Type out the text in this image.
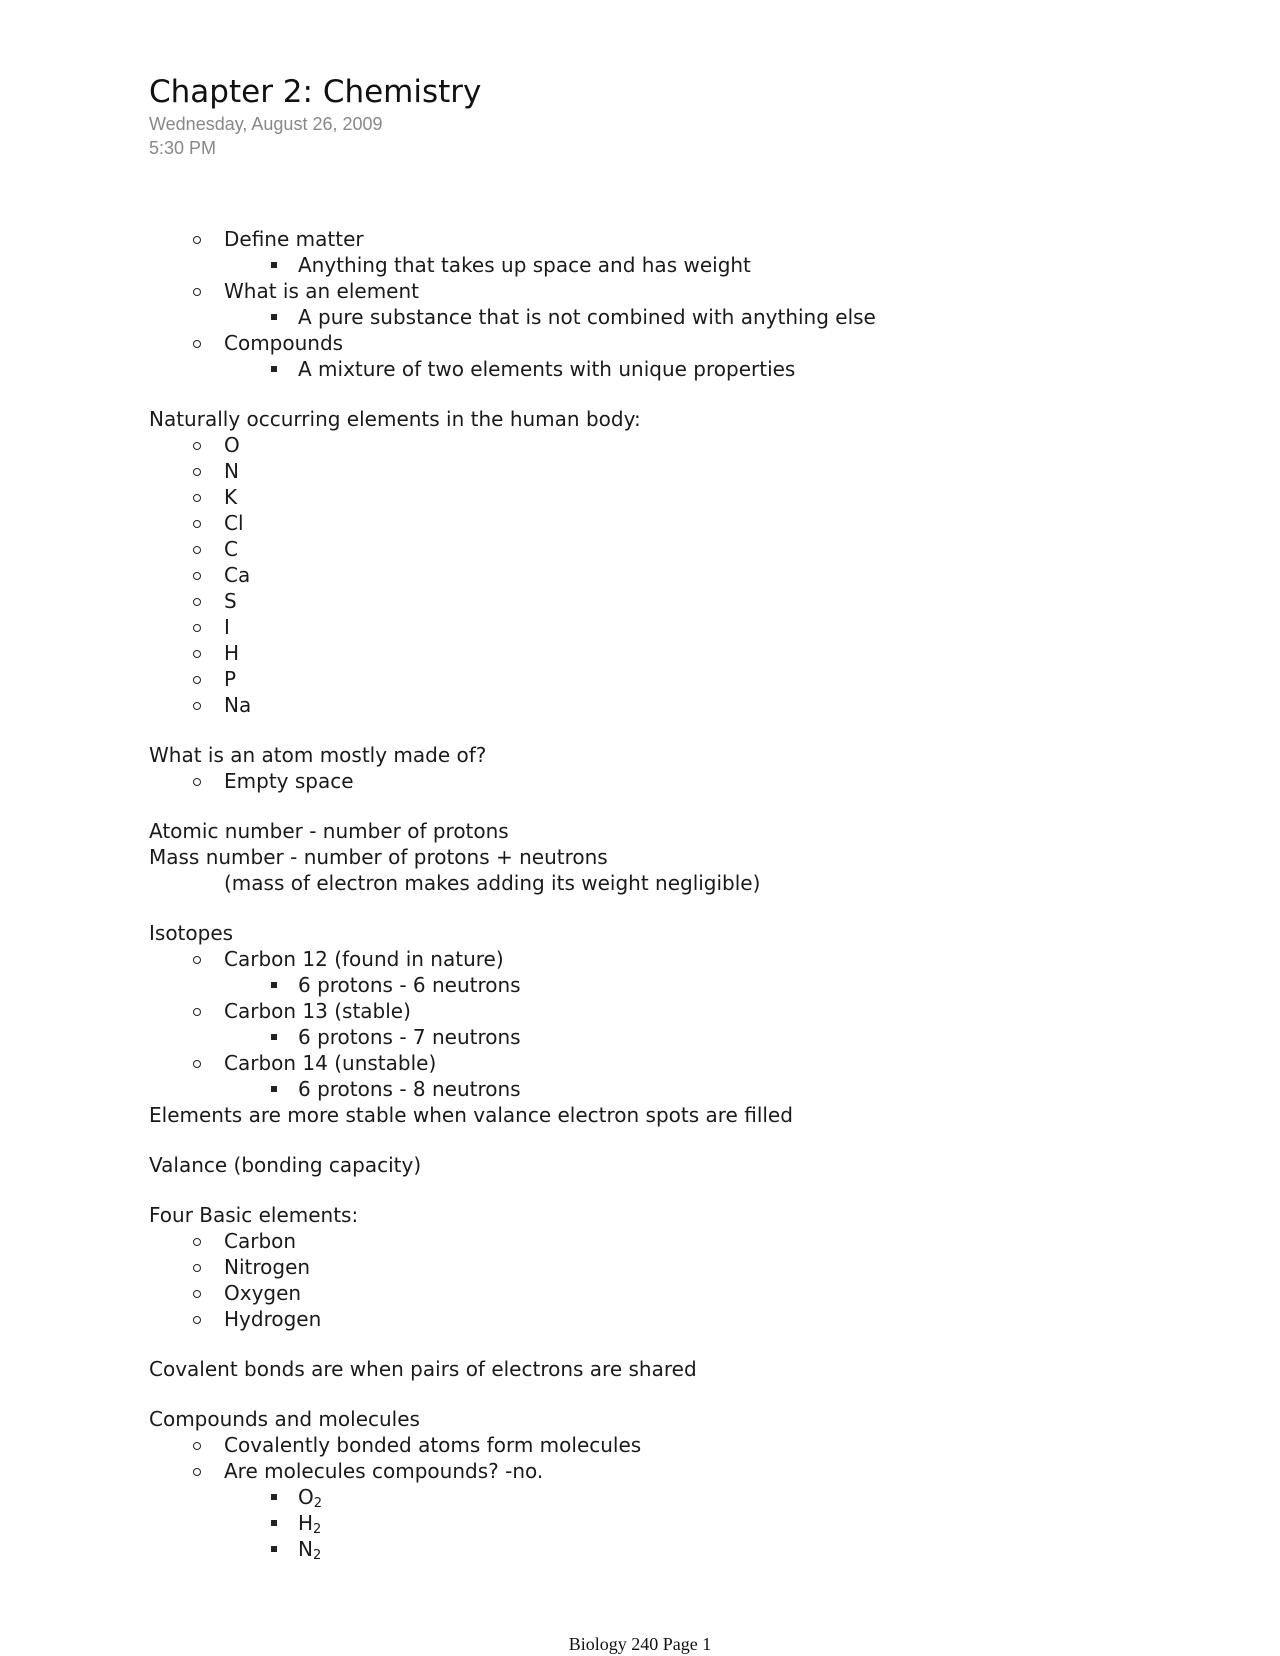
Chapter 2: Chemistry
Wednesday, August 26, 2009
5:30 PM
Define matter
Anything that takes up space and has weight
What is an element
A pure substance that is not combined with anything else
Compounds
A mixture of two elements with unique properties
Naturally occurring elements in the human body:
O
N
K
Cl
C
Ca
S
I
H
P
Na
What is an atom mostly made of?
Empty space
Atomic number - number of protons
Mass number - number of protons + neutrons
(mass of electron makes adding its weight negligible)
Isotopes
Carbon 12 (found in nature)
6 protons - 6 neutrons
Carbon 13 (stable)
6 protons - 7 neutrons
Carbon 14 (unstable)
6 protons - 8 neutrons
Elements are more stable when valance electron spots are filled
Valance (bonding capacity)
Four Basic elements:
Carbon
Nitrogen
Oxygen
Hydrogen
Covalent bonds are when pairs of electrons are shared
Compounds and molecules
Covalently bonded atoms form molecules
Are molecules compounds? -no.
$O_2$
$H_2$
$N_2$
Biology 240 Page 1
